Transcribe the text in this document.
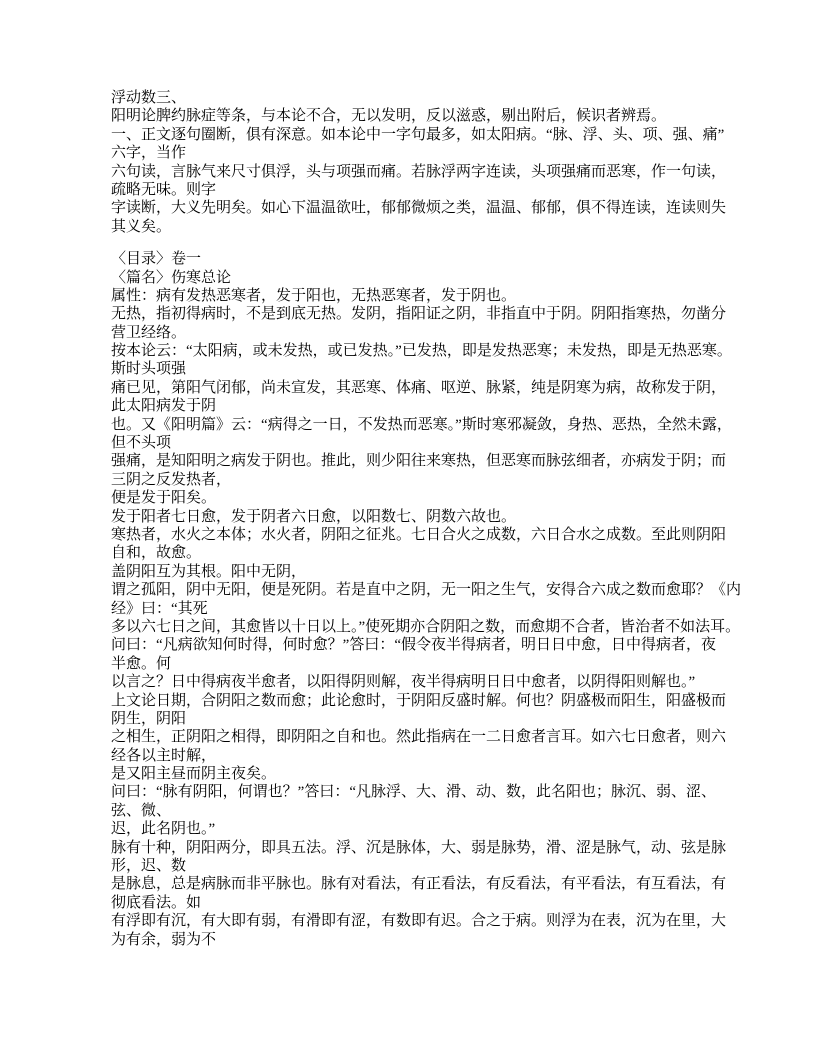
浮动数三、
阳明论脾约脉症等条，与本论不合，无以发明，反以滋惑，剔出附后，候识者辨焉。
一、正文逐句圈断，俱有深意。如本论中一字句最多，如太阳病。“脉、浮、头、项、强、痛”
六字，当作
六句读，言脉气来尺寸俱浮，头与项强而痛。若脉浮两字连读，头项强痛而恶寒，作一句读，
疏略无味。则字
字读断，大义先明矣。如心下温温欲吐，郁郁微烦之类，温温、郁郁，俱不得连读，连读则失
其义矣。
〈目录〉卷一
〈篇名〉伤寒总论
属性：病有发热恶寒者，发于阳也，无热恶寒者，发于阴也。
无热，指初得病时，不是到底无热。发阴，指阳证之阴，非指直中于阴。阴阳指寒热，勿凿分
营卫经络。
按本论云：“太阳病，或未发热，或已发热。”已发热，即是发热恶寒；未发热，即是无热恶寒。
斯时头项强
痛已见，第阳气闭郁，尚未宣发，其恶寒、体痛、呕逆、脉紧，纯是阴寒为病，故称发于阴，
此太阳病发于阴
也。又《阳明篇》云：“病得之一日，不发热而恶寒。”斯时寒邪凝敛，身热、恶热，全然未露，
但不头项
强痛，是知阳明之病发于阴也。推此，则少阳往来寒热，但恶寒而脉弦细者，亦病发于阴；而
三阴之反发热者，
便是发于阳矣。
发于阳者七日愈，发于阴者六日愈，以阳数七、阴数六故也。
寒热者，水火之本体；水火者，阴阳之征兆。七日合火之成数，六日合水之成数。至此则阴阳
自和，故愈。
盖阴阳互为其根。阳中无阴，
谓之孤阳，阴中无阳，便是死阴。若是直中之阴，无一阳之生气，安得合六成之数而愈耶？《内
经》曰：“其死
多以六七日之间，其愈皆以十日以上。”使死期亦合阴阳之数，而愈期不合者，皆治者不如法耳。
问曰：“凡病欲知何时得，何时愈？”答曰：“假令夜半得病者，明日日中愈，日中得病者，夜
半愈。何
以言之？日中得病夜半愈者，以阳得阴则解，夜半得病明日日中愈者，以阴得阳则解也。”
上文论日期，合阴阳之数而愈；此论愈时，于阴阳反盛时解。何也？阴盛极而阳生，阳盛极而
阴生，阴阳
之相生，正阴阳之相得，即阴阳之自和也。然此指病在一二日愈者言耳。如六七日愈者，则六
经各以主时解，
是又阳主昼而阴主夜矣。
问曰：“脉有阴阳，何谓也？”答曰：“凡脉浮、大、滑、动、数，此名阳也；脉沉、弱、涩、
弦、微、
迟，此名阴也。”
脉有十种，阴阳两分，即具五法。浮、沉是脉体，大、弱是脉势，滑、涩是脉气，动、弦是脉
形，迟、数
是脉息，总是病脉而非平脉也。脉有对看法，有正看法，有反看法，有平看法，有互看法，有
彻底看法。如
有浮即有沉，有大即有弱，有滑即有涩，有数即有迟。合之于病。则浮为在表，沉为在里，大
为有余，弱为不
